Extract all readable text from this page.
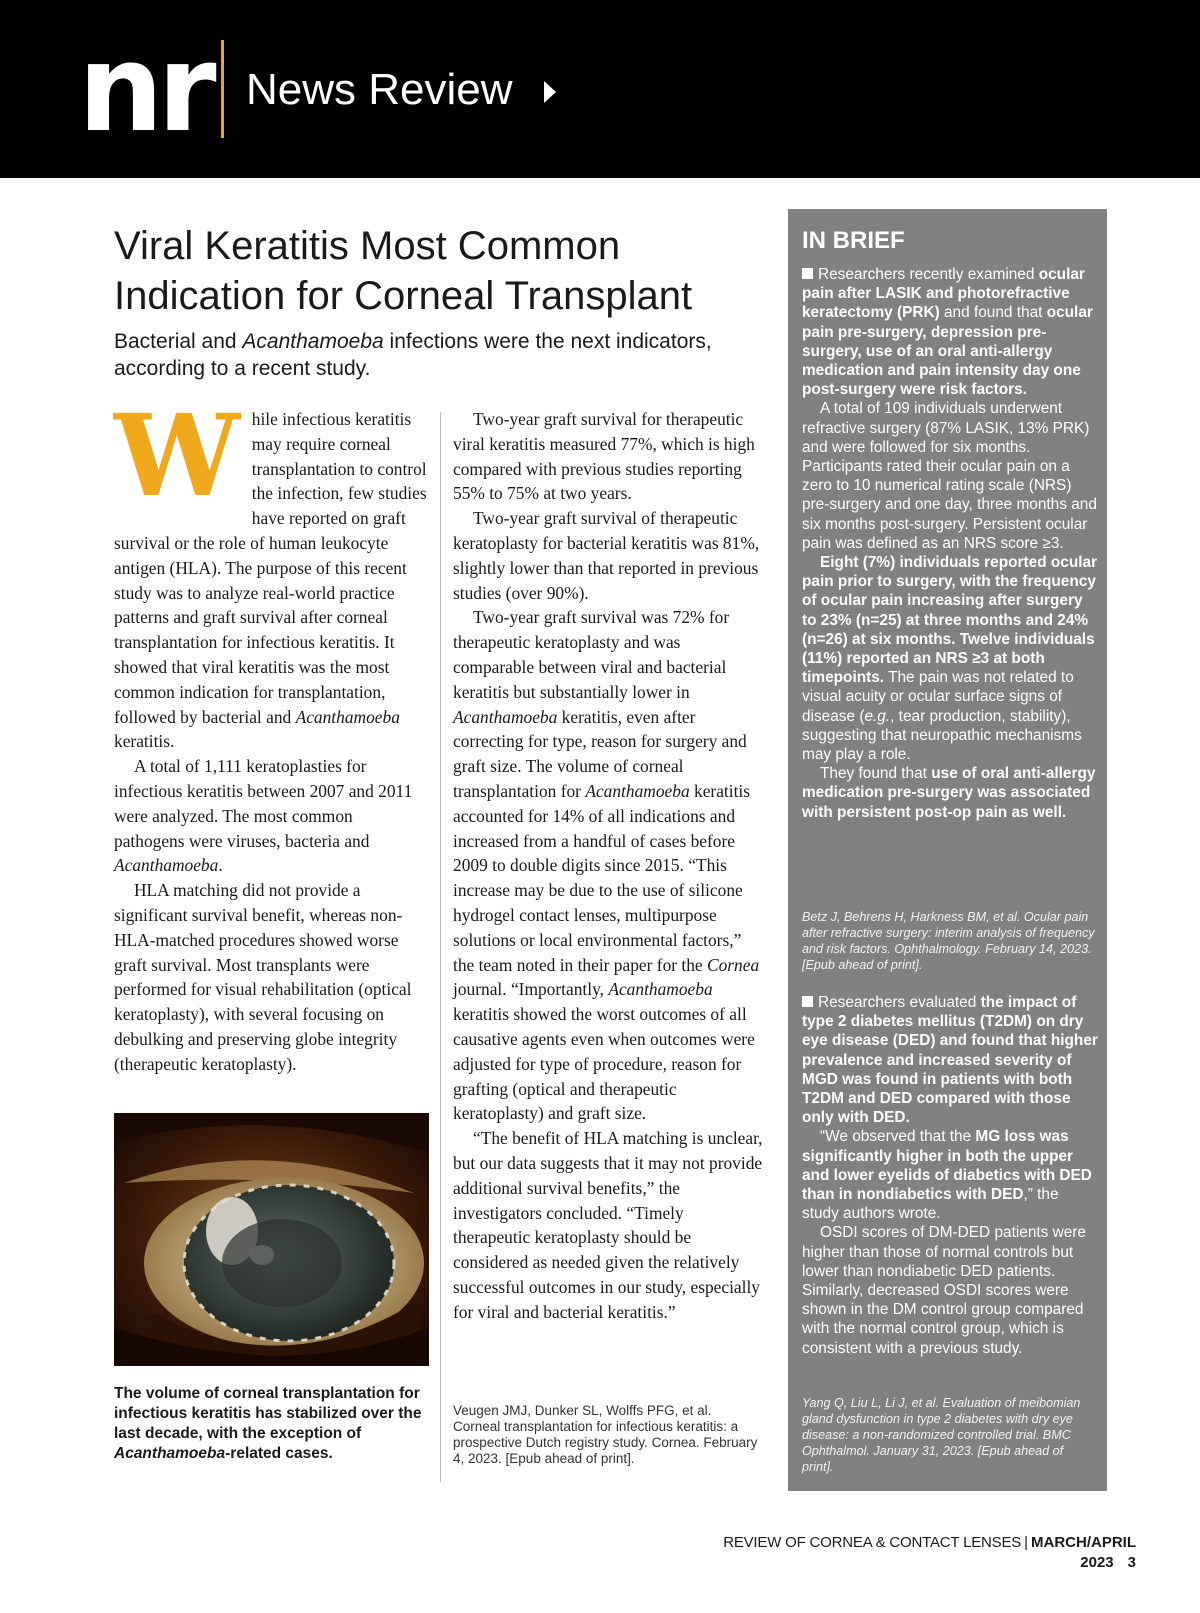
nr News Review
Viral Keratitis Most Common
Indication for Corneal Transplant

Bacterial and Acanthamoeba infections were the next indicators, according to a recent study.

While infectious keratitis may require corneal transplantation to control the infection, few studies have reported on graft survival or the role of human leukocyte antigen (HLA). The purpose of this recent study was to analyze real-world practice patterns and graft survival after corneal transplantation for infectious keratitis. It showed that viral keratitis was the most common indication for transplantation, followed by bacterial and Acanthamoeba keratitis.

A total of 1,111 keratoplasties for infectious keratitis between 2007 and 2011 were analyzed. The most common pathogens were viruses, bacteria and Acanthamoeba.

HLA matching did not provide a significant survival benefit, whereas non-HLA-matched procedures showed worse graft survival. Most transplants were performed for visual rehabilitation (optical keratoplasty), with several focusing on debulking and preserving globe integrity (therapeutic keratoplasty).

The volume of corneal transplantation for infectious keratitis has stabilized over the last decade, with the exception of Acanthamoeba-related cases.

Two-year graft survival for therapeutic viral keratitis measured 77%, which is high compared with previous studies reporting 55% to 75% at two years.

Two-year graft survival of therapeutic keratoplasty for bacterial keratitis was 81%, slightly lower than that reported in previous studies (over 90%).

Two-year graft survival was 72% for therapeutic keratoplasty and was comparable between viral and bacterial keratitis but substantially lower in Acanthamoeba keratitis, even after correcting for type, reason for surgery and graft size. The volume of corneal transplantation for Acanthamoeba keratitis accounted for 14% of all indications and increased from a handful of cases before 2009 to double digits since 2015. “This increase may be due to the use of silicone hydrogel contact lenses, multipurpose solutions or local environmental factors,” the team noted in their paper for the Cornea journal. “Importantly, Acanthamoeba keratitis showed the worst outcomes of all causative agents even when outcomes were adjusted for type of procedure, reason for grafting (optical and therapeutic keratoplasty) and graft size.

“The benefit of HLA matching is unclear, but our data suggests that it may not provide additional survival benefits,” the investigators concluded. “Timely therapeutic keratoplasty should be considered as needed given the relatively successful outcomes in our study, especially for viral and bacterial keratitis.”

Veugen JMJ, Dunker SL, Wolffs PFG, et al. Corneal transplantation for infectious keratitis: a prospective Dutch registry study. Cornea. February 4, 2023. [Epub ahead of print].

IN BRIEF

Researchers recently examined ocular pain after LASIK and photorefractive keratectomy (PRK) and found that ocular pain pre-surgery, depression pre-surgery, use of an oral anti-allergy medication and pain intensity day one post-surgery were risk factors.

A total of 109 individuals underwent refractive surgery (87% LASIK, 13% PRK) and were followed for six months. Participants rated their ocular pain on a zero to 10 numerical rating scale (NRS) pre-surgery and one day, three months and six months post-surgery. Persistent ocular pain was defined as an NRS score ≥3.

Eight (7%) individuals reported ocular pain prior to surgery, with the frequency of ocular pain increasing after surgery to 23% (n=25) at three months and 24% (n=26) at six months. Twelve individuals (11%) reported an NRS ≥3 at both timepoints. The pain was not related to visual acuity or ocular surface signs of disease (e.g., tear production, stability), suggesting that neuropathic mechanisms may play a role.

They found that use of oral anti-allergy medication pre-surgery was associated with persistent post-op pain as well.

Betz J, Behrens H, Harkness BM, et al. Ocular pain after refractive surgery: interim analysis of frequency and risk factors. Ophthalmology. February 14, 2023. [Epub ahead of print].

Researchers evaluated the impact of type 2 diabetes mellitus (T2DM) on dry eye disease (DED) and found that higher prevalence and increased severity of MGD was found in patients with both T2DM and DED compared with those only with DED.

“We observed that the MG loss was significantly higher in both the upper and lower eyelids of diabetics with DED than in nondiabetics with DED,” the study authors wrote.

OSDI scores of DM-DED patients were higher than those of normal controls but lower than nondiabetic DED patients. Similarly, decreased OSDI scores were shown in the DM control group compared with the normal control group, which is consistent with a previous study.

Yang Q, Liu L, Li J, et al. Evaluation of meibomian gland dysfunction in type 2 diabetes with dry eye disease: a non-randomized controlled trial. BMC Ophthalmol. January 31, 2023. [Epub ahead of print].

REVIEW OF CORNEA & CONTACT LENSES | MARCH/APRIL 2023 3
